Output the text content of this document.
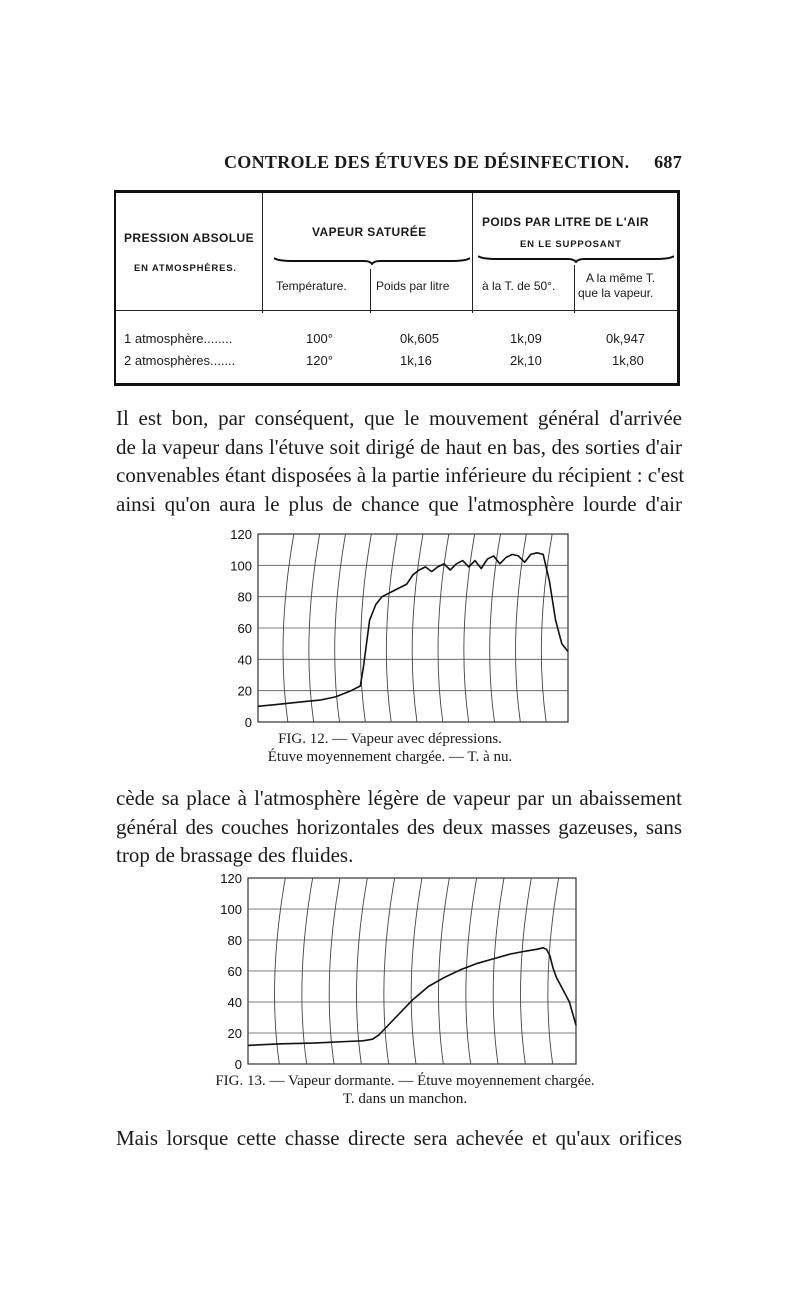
CONTROLE DES ÉTUVES DE DÉSINFECTION. 687
PRESSION ABSOLUE
EN ATMOSPHÈRES.
VAPEUR SATURÉE
Température. Poids par litre
POIDS PAR LITRE DE L'AIR
EN LE SUPPOSANT
à la T. de 50°.
A la même T.
que la vapeur.
1 atmosphère........	100°	0k,605	1k,09	0k,947
2 atmosphères.......	120°	1k,16	2k,10	1k,80
Il est bon, par conséquent, que le mouvement général d'arrivée
de la vapeur dans l'étuve soit dirigé de haut en bas, des sorties d'air
convenables étant disposées à la partie inférieure du récipient : c'est
ainsi qu'on aura le plus de chance que l'atmosphère lourde d'air
0
20
40
60
80
100
120
FIG. 12. — Vapeur avec dépressions.
Étuve moyennement chargée. — T. à nu.
cède sa place à l'atmosphère légère de vapeur par un abaissement
général des couches horizontales des deux masses gazeuses, sans
trop de brassage des fluides.
0
20
40
60
80
100
120
FIG. 13. — Vapeur dormante. — Étuve moyennement chargée.
T. dans un manchon.
Mais lorsque cette chasse directe sera achevée et qu'aux orifices
